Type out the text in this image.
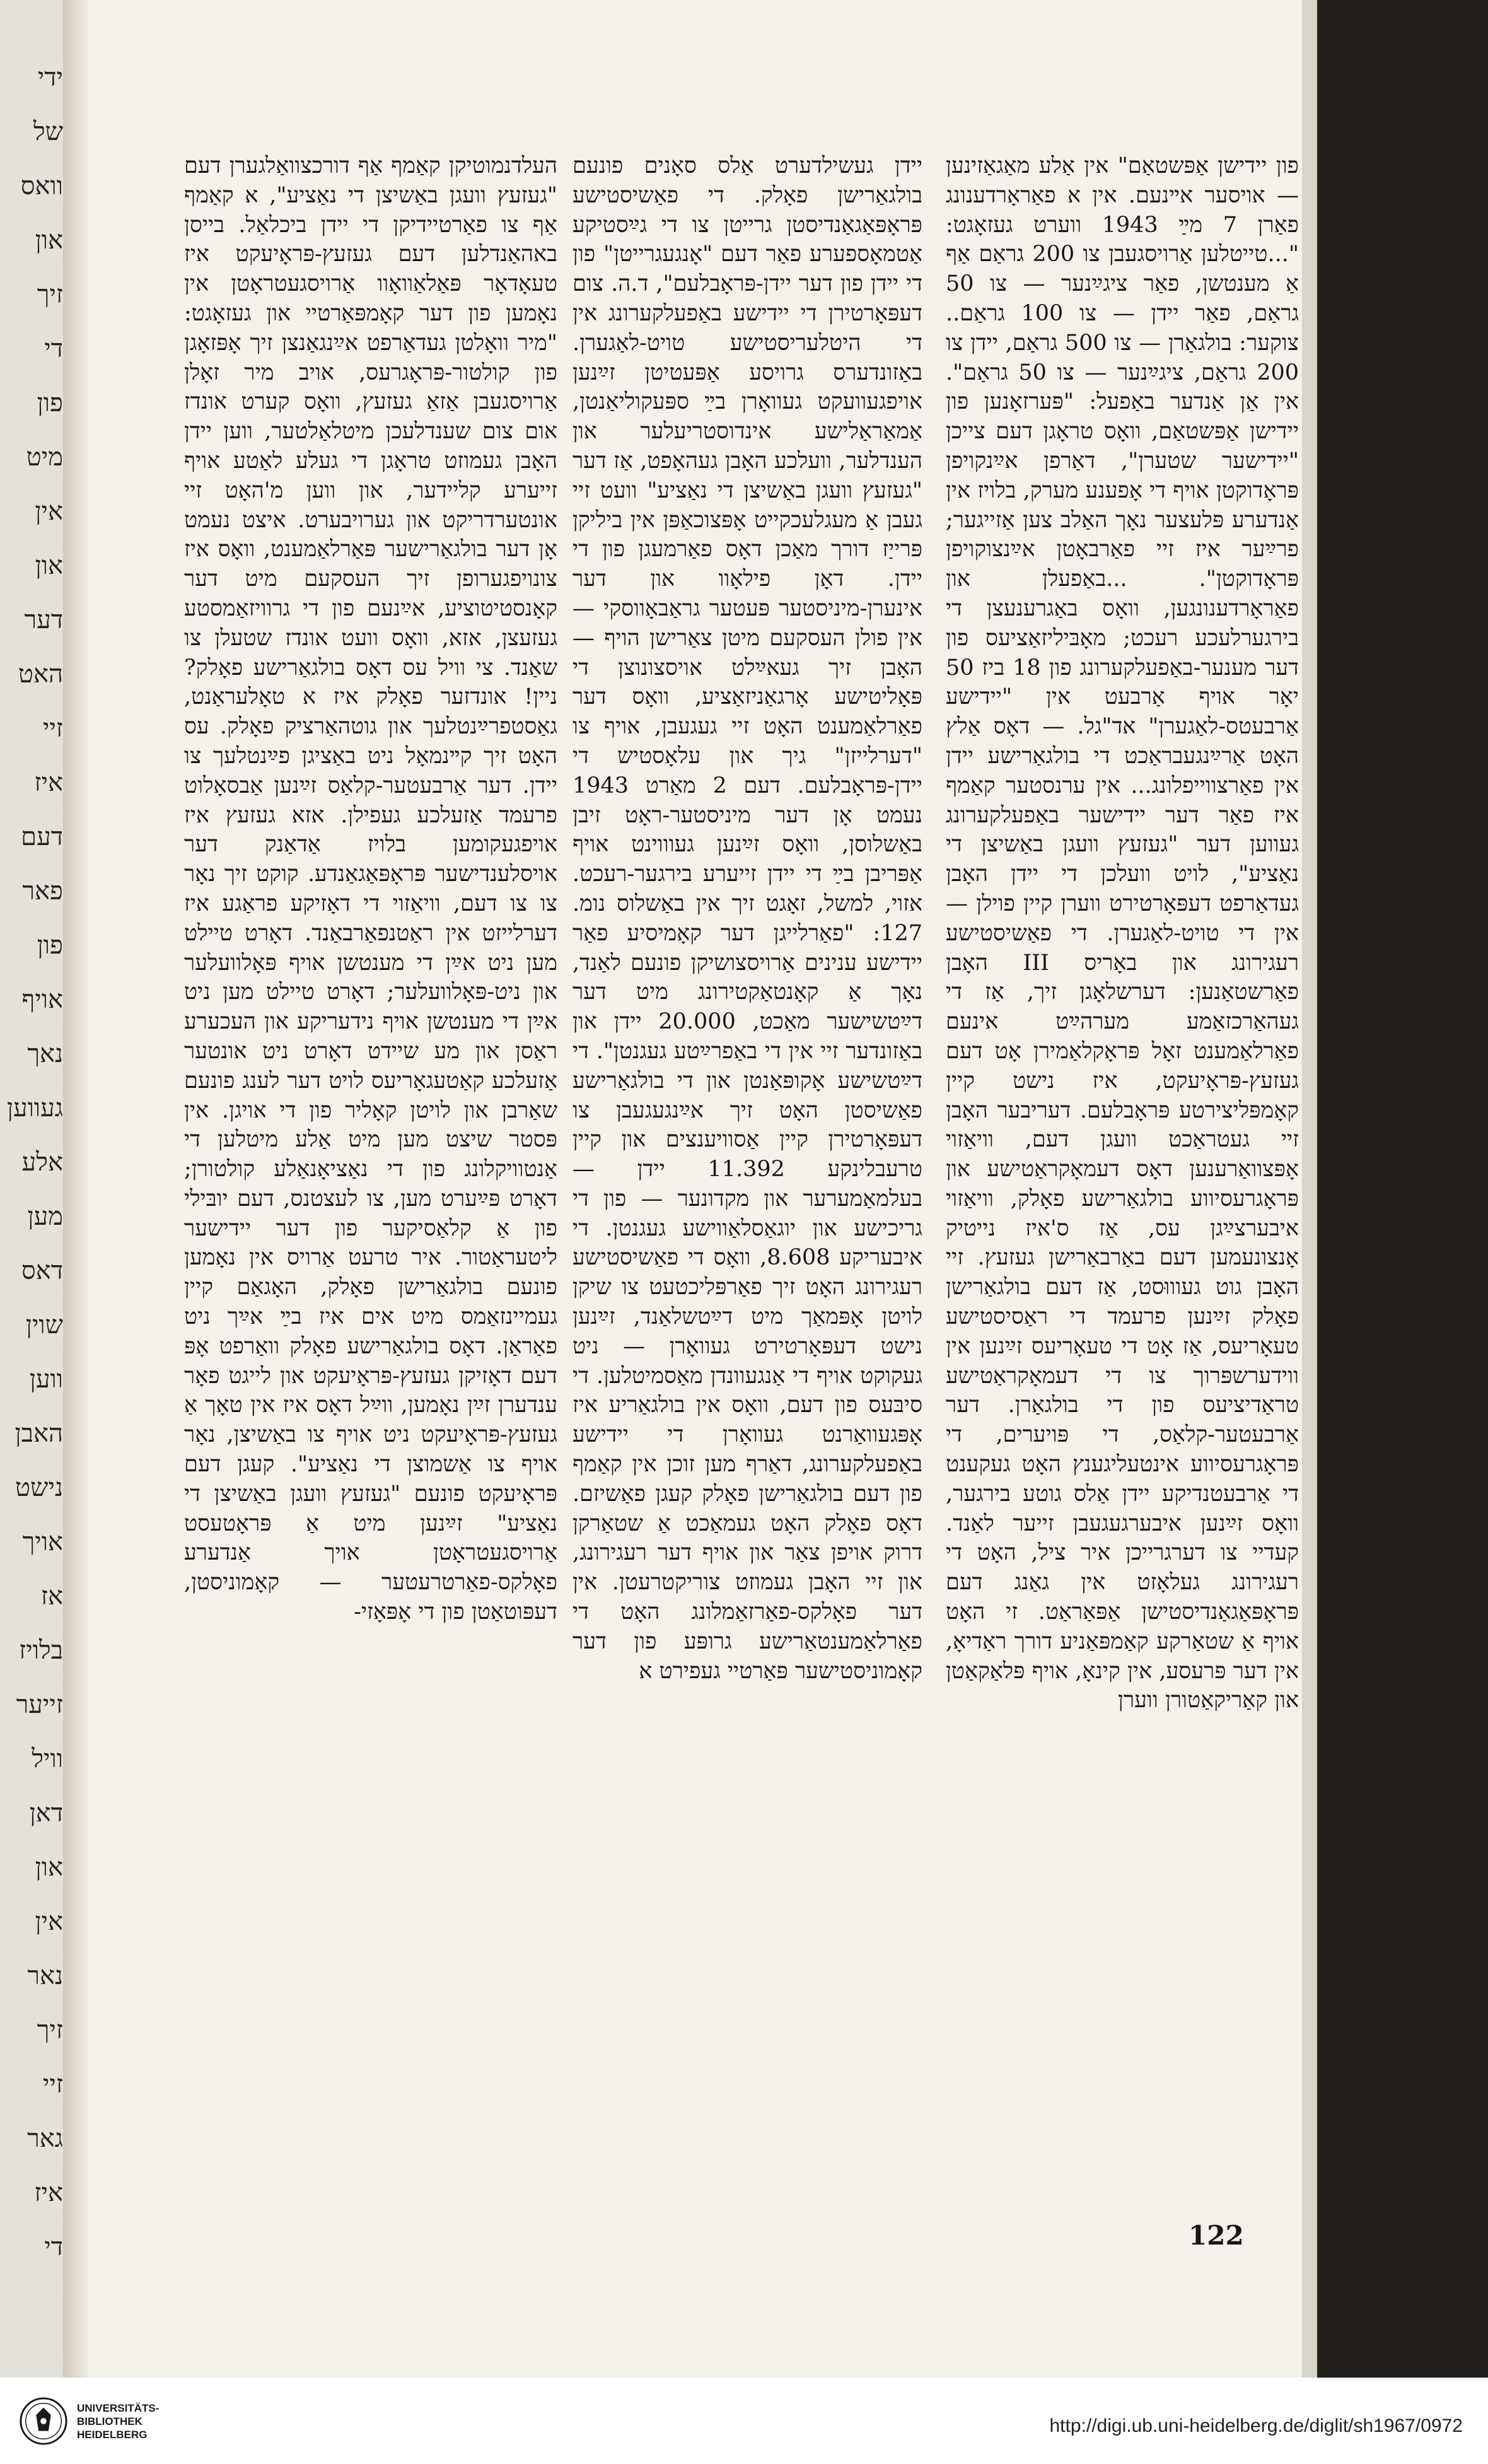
ידי
של
וואס
און
זיך
די
פון
מיט
אין
און
דער
האט
זיי
איז
דעם
פאר
פון
אויף
נאך
געווען
אלע
מען
דאס
שוין
ווען
האבן
נישט
אויך
אז
בלויז
זייער
וויל
דאן
און
אין
נאר
זיך
זיי
גאר
איז
די

פון יידישן אַפּשטאַם" אין אַלע מאַגאַזינען — אויסער אײנעם. אין א פאַראָרדענונג פאַרן 7 מײַ 1943 ווערט געזאָגט: "...טייטלען אַרויסגעבן צו 200 גראַם אַף אַ מענטשן, פאַר ציגײַנער — צו 50 גראַם, פאַר יידן — צו 100 גראַם.. צוקער: בולגאַרן — צו 500 גראַם, יידן צו 200 גראַם, ציגײַנער — צו 50 גראַם". אין אַן אַנדער באַפעל: "פּערזאָנען פון יידישן אַפּשטאַם, וואָס טראָגן דעם צייכן "יידישער שטערן", דאַרפן אײַנקויפן פּראָדוקטן אויף די אָפענע מערק, בלויז אין אַנדערע פּלעצער נאָך האַלב צען אַזייגער; פרײַער איז זיי פאַרבאָטן אײַנצוקויפן פּראָדוקטן". ...באַפעלן און פאַראָרדענונגען, וואָס באַגרענעצן די בירגערלעכע רעכט; מאָבּיליזאַציעס פון דער מענער-באַפעלקערונג פון 18 ביז 50 יאָר אויף אַרבעט אין "יידישע אַרבעטס-לאַגערן" אד"גל. — דאָס אַלץ האָט אַרײַנגעבראַכט די בולגאַרישע יידן אין פאַרצווייפלונג... אין ערנסטער קאַמף איז פאַר דער יידישער באַפעלקערונג געווען דער "געזעץ וועגן באַשיצן די נאַציע", לויט וועלכן די יידן האָבן געדאַרפט דעפּאָרטירט ווערן קיין פוילן — אין די טויט-לאַגערן. די פאַשיסטישע רעגירונג און באָריס III האָבן פאַרשטאַנען: דערשלאָגן זיך, אַז די געהאַרכזאַמע מערהײַט אינעם פאַרלאַמענט זאָל פּראָקלאַמירן אָט דעם געזעץ-פּראָיעקט, איז נישט קיין קאָמפּליצירטע פּראָבלעם. דעריבער האָבן זיי געטראַכט וועגן דעם, וויאַזוי אָפּצוואַרענען דאָס דעמאָקראַטישע און פּראָגרעסיווע בולגאַרישע פאָלק, וויאַזוי איבערצײַגן עס, אַז ס'איז נייטיק אָנצונעמען דעם באַרבאַרישן געזעץ. זיי האָבן גוט געוווּסט, אַז דעם בולגאַרישן פאָלק זײַנען פרעמד די ראַסיסטישע טעאָריעס, אַז אָט די טעאָריעס זײַנען אין ווידערשפּרוך צו די דעמאָקראַטישע טראַדיציעס פון די בולגאַרן. דער אַרבעטער-קלאַס, די פּויערים, די פּראָגרעסיווע אינטעליגענץ האָט געקענט די אַרבעטנדיקע יידן אַלס גוטע בירגער, וואָס זײַנען איבערגעגעבן זייער לאַנד. קעדיי צו דערגרייכן איר ציל, האָט די רעגירונג געלאָזט אין גאַנג דעם פּראָפּאַגאַנדיסטישן אַפּאַראַט. זי האָט אויף אַ שטאַרקע קאַמפּאַניע דורך ראַדיאָ, אין דער פּרעסע, אין קינאָ, אויף פּלאַקאַטן און קאַריקאַטורן ווערן

יידן געשילדערט אַלס סאָנים פונעם בולגאַרישן פאָלק. די פאַשיסטישע פּראָפּאַגאַנדיסטן גרייטן צו די גײַסטיקע אַטמאָספערע פאַר דעם "אָנגעגרייטן" פון די יידן פון דער יידן-פּראָבלעם", ד.ה. צום דעפּאָרטירן די יידישע באַפעלקערונג אין די היטלעריסטישע טויט-לאַגערן. באַזונדערס גרויסע אַפּעטיטן זײַנען אויפגעוועקט געוואָרן בײַ ספּעקוליאַנטן, אַמאַראַלישע אינדוסטריעלער און הענדלער, וועלכע האָבן געהאָפט, אַז דער "געזעץ וועגן באַשיצן די נאַציע" וועט זיי געבן אַ מעגלעכקייט אָפּצוכאַפּן אין ביליקן פּרייַז דורך מאַכן דאָס פאַרמעגן פון די יידן. דאָן פילאָוו און דער אינערן-מיניסטער פּעטער גראַבאָווסקי — אין פולן העסקעם מיטן צאַרישן הויף — האָבן זיך געאײַלט אויסצונוצן די פּאָליטישע אָרגאַניזאַציע, וואָס דער פאַרלאַמענט האָט זיי געגעבן, אויף צו "דערלייזן" גיך און עלאָסטיש די יידן-פּראָבלעם. דעם 2 מאַרט 1943 נעמט אָן דער מיניסטער-ראָט זיבן באַשלוסן, וואָס זײַנען געוווינט אויף אַפּריבן בײַ די יידן זייערע בירגער-רעכט. אזוי, למשל, זאָגט זיך אין באַשלוס נומ. 127: "פאַרלייגן דער קאָמיסיע פאַר יידישע ענינים אַרויסצושיקן פונעם לאַנד, נאָך אַ קאָנטאַקטירונג מיט דער דײַטשישער מאַכט, 20.000 יידן און באַזונדער זיי אין די באַפרײַטע געגנטן". די דײַטשישע אָקופּאַנטן און די בולגאַרישע פאַשיסטן האָט זיך אײַנגעגעבן צו דעפּאָרטירן קיין אַסוויענצים און קיין טרעבלינקע 11.392 יידן — בעלמאַמערער און מקדונער — פון די גריכישע און יוגאַסלאַווישע געגנטן. די איבעריקע 8.608, וואָס די פאַשיסטישע רעגירונג האָט זיך פאַרפּליכטעט צו שיקן לויטן אָפּמאַך מיט דײַטשלאַנד, זײַנען נישט דעפּאָרטירט געוואָרן — ניט געקוקט אויף די אַנגעוונדן מאַסמיטלען. די סיבּעס פון דעם, וואָס אין בולגאַריע איז אָפּגעוואַרנט געוואָרן די יידישע באַפעלקערונג, דאַרף מען זוכן אין קאַמף פון דעם בולגאַרישן פאָלק קעגן פאַשיזם. דאָס פאָלק האָט געמאַכט אַ שטאַרקן דרוק אויפן צאַר און אויף דער רעגירונג, און זיי האָבן געמוזט צוריקטרעטן. אין דער פאָלקס-פאַרזאַמלונג האָט די פאַרלאַמענטאַרישע גרופּע פון דער קאָמוניסטישער פּאַרטיי געפירט א

העלדנמוטיקן קאַמף אַף דורכצוואַלגערן דעם "געזעץ וועגן באַשיצן די נאַציע", א קאַמף אַף צו פאַרטיידיקן די יידן ביכלאַל. בייסן באהאַנדלען דעם געזעץ-פּראָיעקט איז טעאָדאָר פּאַלאַוואָוו אַרויסגעטראָטן אין נאָמען פון דער קאָמפּאַרטיי און געזאָגט: "מיר וואָלטן געדאַרפט אײַנגאַנצן זיך אָפּזאָגן פון קולטור-פּראָגרעס, אויב מיר זאָלן אַרויסגעבן אַזאַ געזעץ, וואָס קערט אונדז אום צום שענדלעכן מיטלאַלטער, ווען יידן האָבן געמוזט טראָגן די געלע לאַטע אויף זייערע קליידער, און ווען מ'האָט זיי אונטערדריקט און גערויבערט. איצט נעמט אָן דער בולגאַרישער פּאַרלאַמענט, וואָס איז צונויפגערופן זיך העסקעם מיט דער קאָנסטיטוציע, אײַנעם פון די גרוויזאַמסטע געזעצן, אזא, וואָס וועט אונדז שטעלן צו שאַנד. צי וויל עס דאָס בולגאַרישע פאָלק? ניין! אונדזער פאָלק איז א טאָלעראַנט, גאַסטפרײַנטלעך און גוטהאַרציק פאָלק. עס האָט זיך קײנמאָל ניט באַציגן פײַנטלעך צו יידן. דער אַרבעטער-קלאַס זײַנען אַבסאָלוט פרעמד אַזעלכע געפילן. אזא געזעץ איז אויפגעקומען בלויז אַדאַנק דער אויסלענדישער פּראָפּאַגאַנדע. קוקט זיך נאָר צו צו דעם, וויאַזוי די דאָזיקע פראַגע איז דערלייזט אין ראַטנפאַרבאַנד. דאָרט טיילט מען ניט אײַן די מענטשן אויף פּאָלוועלער און ניט-פּאָלוועלער; דאָרט טיילט מען ניט אײַן די מענטשן אויף נידעריקע און העכערע ראַסן און מע שיידט דאָרט ניט אונטער אַזעלכע קאַטעגאָריעס לויט דער לענג פונעם שאַרבן און לויטן קאָליר פון די אויגן. אין פּסטר שיצט מען מיט אַלע מיטלען די אַנטוויקלונג פון די נאַציאָנאַלע קולטורן; דאָרט פּײַערט מען, צו לעצטנס, דעם יובּילי פון אַ קלאַסיקער פון דער יידישער ליטעראַטור. איר טרעט אַרויס אין נאָמען פונעם בולגאַרישן פאָלק, האָגאַם קיין געמיינזאַמס מיט אים איז בײַ אײַך ניט פאַראַן. דאָס בולגאַרישע פאָלק וואַרפט אָפּ דעם דאָזיקן געזעץ-פּראָיעקט און לייגט פאָר ענדערן זײַן נאָמען, ווײַל דאָס איז אין טאָך אַ געזעץ-פּראָיעקט ניט אויף צו באַשיצן, נאָר אויף צו אַשמוצן די נאַציע". קעגן דעם פּראָיעקט פונעם "געזעץ וועגן באַשיצן די נאַציע" זײַנען מיט אַ פּראָטעסט אַרויסגעטראָטן אויך אַנדערע פאָלקס-פאַרטרעטער — קאָמוניסטן, דעפּוטאַטן פון די אָפּאָזי-

122
UNIVERSITÄTS-
BIBLIOTHEK
HEIDELBERG	http://digi.ub.uni-heidelberg.de/diglit/sh1967/0972
